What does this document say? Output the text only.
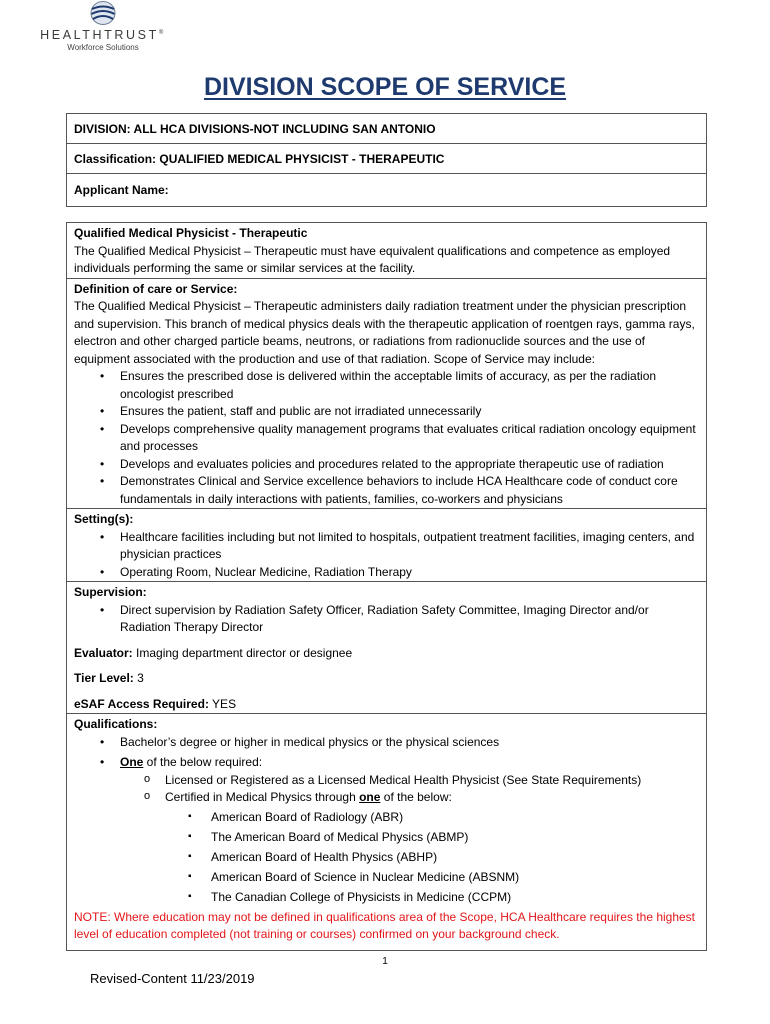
HEALTHTRUST®
Workforce Solutions
DIVISION SCOPE OF SERVICE
DIVISION: ALL HCA DIVISIONS-NOT INCLUDING SAN ANTONIO
Classification: QUALIFIED MEDICAL PHYSICIST - THERAPEUTIC
Applicant Name:
Qualified Medical Physicist - Therapeutic
The Qualified Medical Physicist – Therapeutic must have equivalent qualifications and competence as employed individuals performing the same or similar services at the facility.
Definition of care or Service:
The Qualified Medical Physicist – Therapeutic administers daily radiation treatment under the physician prescription and supervision. This branch of medical physics deals with the therapeutic application of roentgen rays, gamma rays, electron and other charged particle beams, neutrons, or radiations from radionuclide sources and the use of equipment associated with the production and use of that radiation. Scope of Service may include:
• Ensures the prescribed dose is delivered within the acceptable limits of accuracy, as per the radiation oncologist prescribed
• Ensures the patient, staff and public are not irradiated unnecessarily
• Develops comprehensive quality management programs that evaluates critical radiation oncology equipment and processes
• Develops and evaluates policies and procedures related to the appropriate therapeutic use of radiation
• Demonstrates Clinical and Service excellence behaviors to include HCA Healthcare code of conduct core fundamentals in daily interactions with patients, families, co-workers and physicians
Setting(s):
• Healthcare facilities including but not limited to hospitals, outpatient treatment facilities, imaging centers, and physician practices
• Operating Room, Nuclear Medicine, Radiation Therapy
Supervision:
• Direct supervision by Radiation Safety Officer, Radiation Safety Committee, Imaging Director and/or Radiation Therapy Director
Evaluator: Imaging department director or designee
Tier Level: 3
eSAF Access Required: YES
Qualifications:
• Bachelor’s degree or higher in medical physics or the physical sciences
• One of the below required:
o Licensed or Registered as a Licensed Medical Health Physicist (See State Requirements)
o Certified in Medical Physics through one of the below:
▪ American Board of Radiology (ABR)
▪ The American Board of Medical Physics (ABMP)
▪ American Board of Health Physics (ABHP)
▪ American Board of Science in Nuclear Medicine (ABSNM)
▪ The Canadian College of Physicists in Medicine (CCPM)
NOTE: Where education may not be defined in qualifications area of the Scope, HCA Healthcare requires the highest level of education completed (not training or courses) confirmed on your background check.
1
Revised-Content 11/23/2019
